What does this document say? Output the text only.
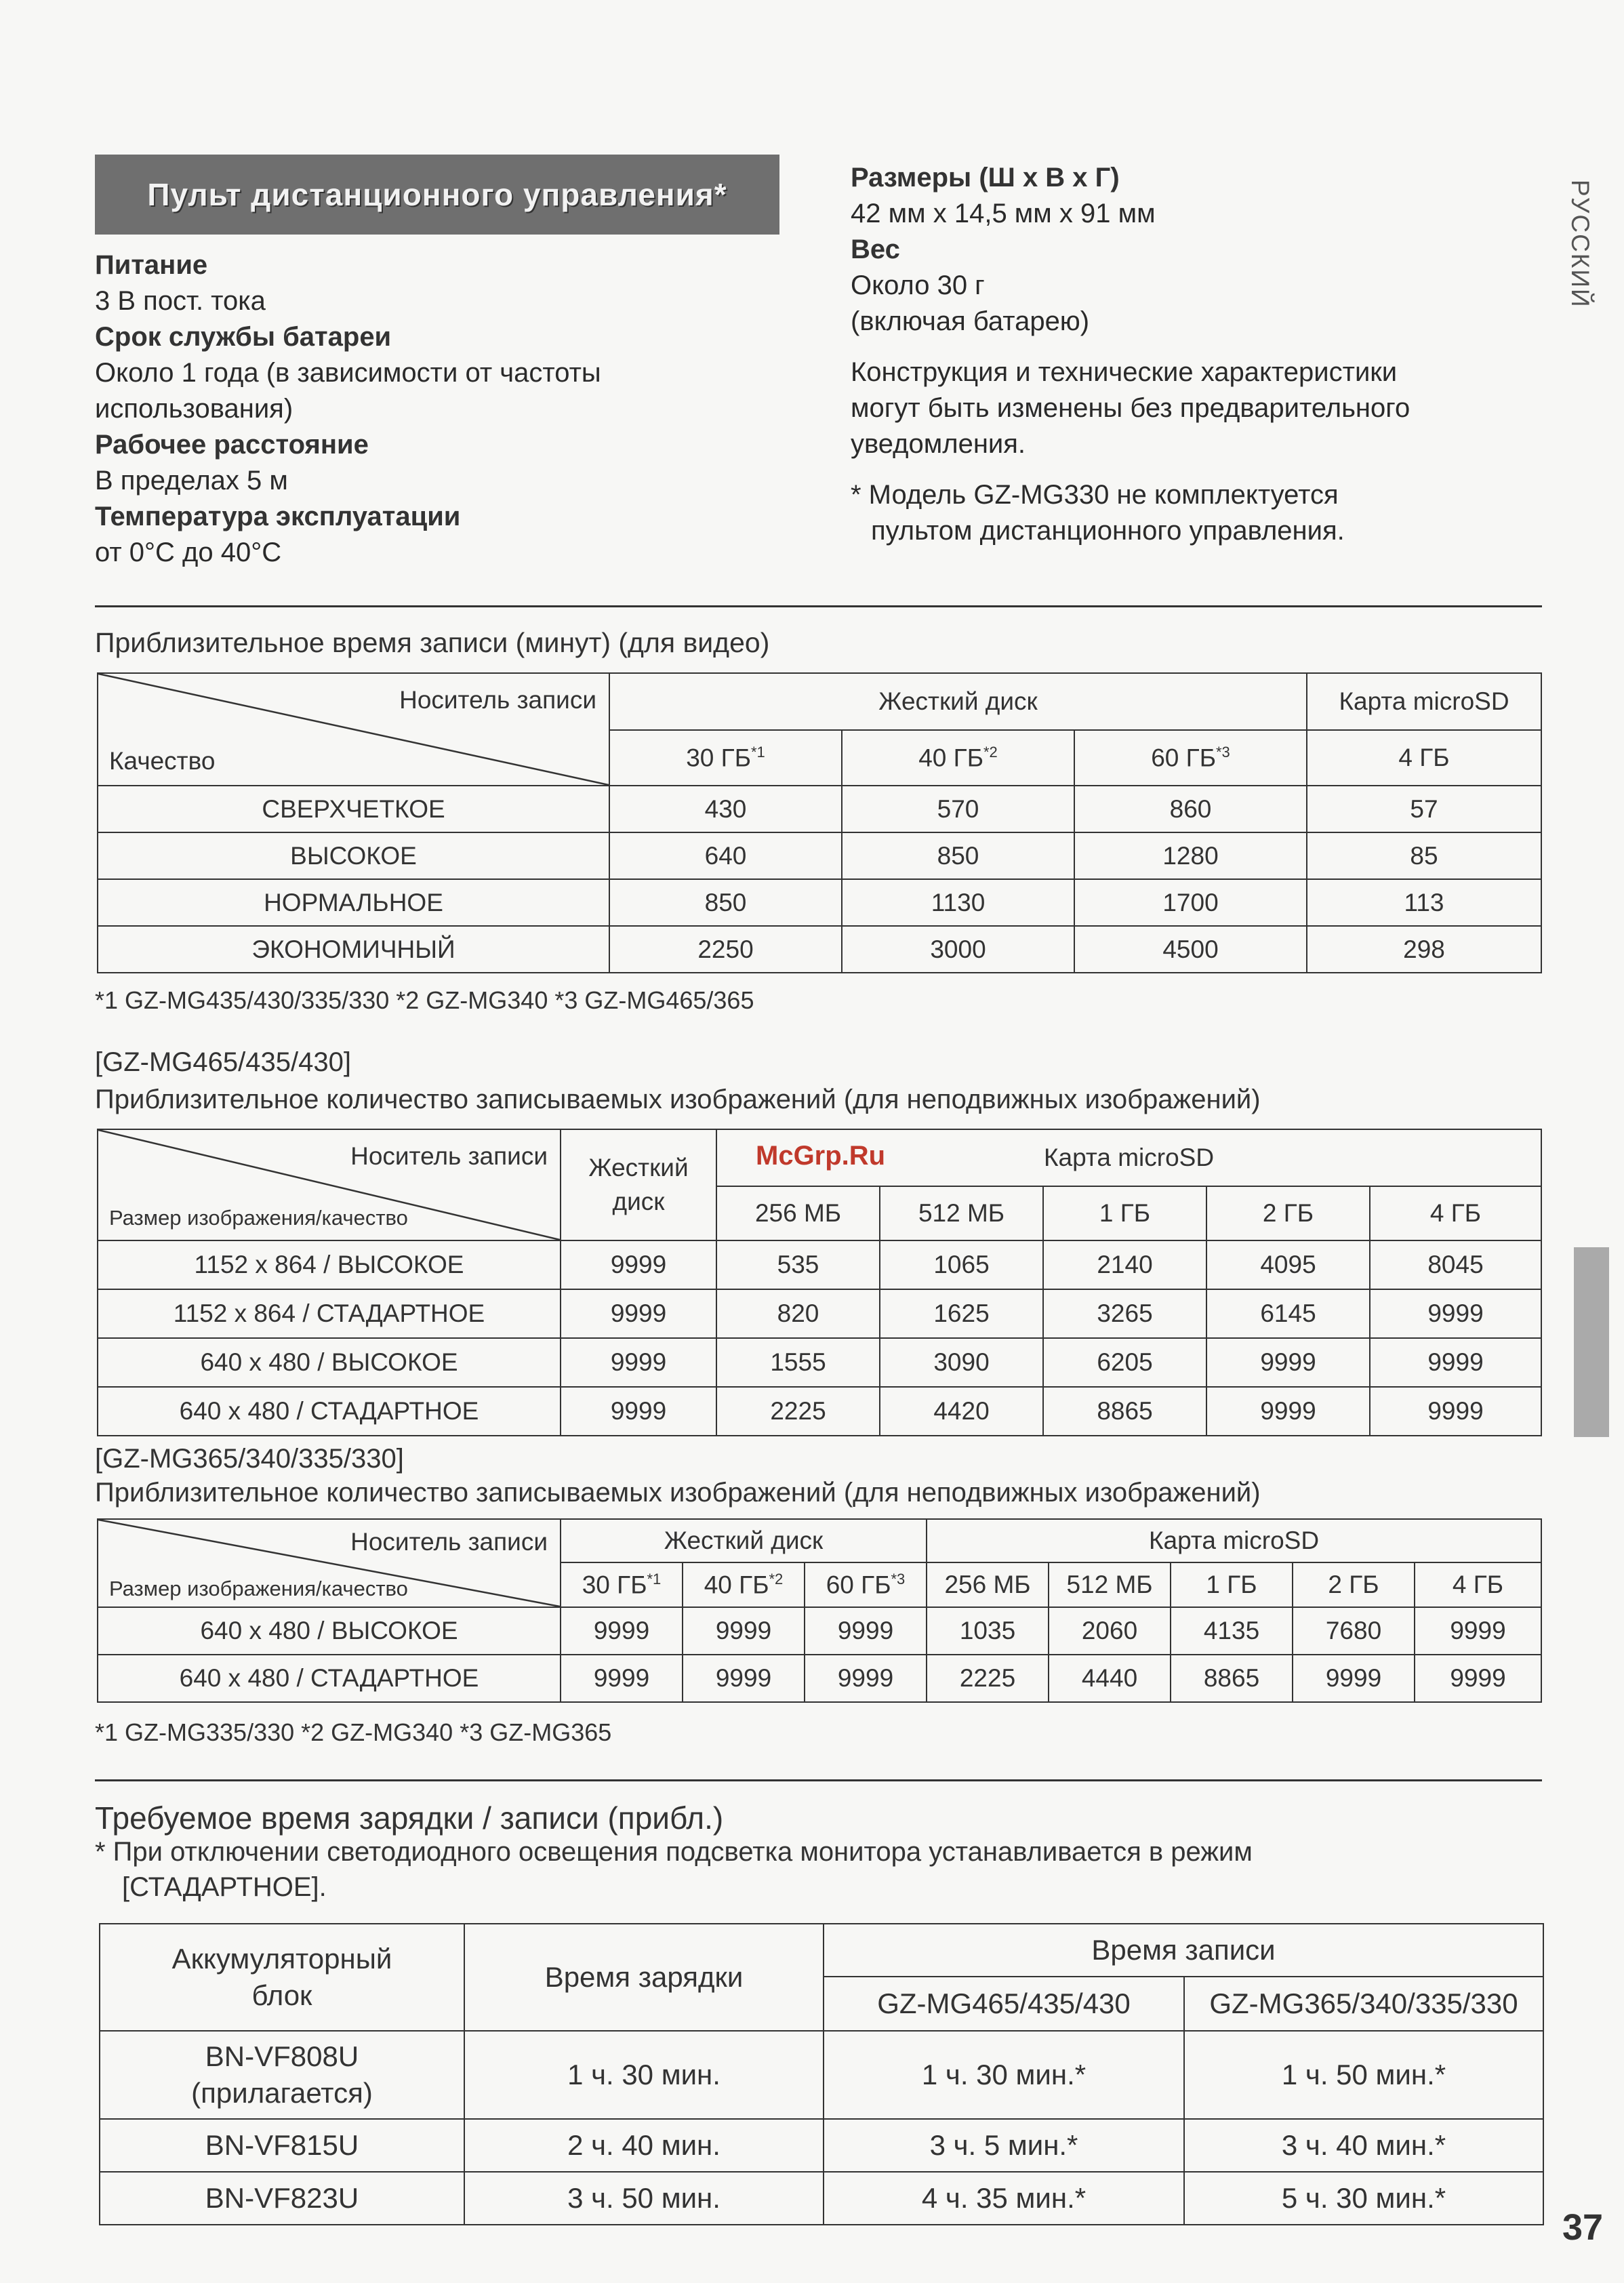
Пульт дистанционного управления*

Питание

3 В пост. тока

Срок службы батареи

Около 1 года (в зависимости от частоты

использования)

Рабочее расстояние

В пределах 5 м

Температура эксплуатации

от 0°C до 40°C

Размеры (Ш x В x Г)

42 мм x 14,5 мм x 91 мм

Вес

Около 30 г

(включая батарею)

Конструкция и технические характеристики

могут быть изменены без предварительного

уведомления.

* Модель GZ-MG330 не комплектуется

пультом дистанционного управления.

Приблизительное время записи (минут) (для видео)
Носитель записи
Качество	Жесткий диск			Карта microSD
	30 ГБ$^{*1}$	40 ГБ$^{*2}$	60 ГБ$^{*3}$	4 ГБ
СВЕРХЧЕТКОЕ	430	570	860	57
ВЫСОКОЕ	640	850	1280	85
НОРМАЛЬНОЕ	850	1130	1700	113
ЭКОНОМИЧНЫЙ	2250	3000	4500	298
*1 GZ-MG435/430/335/330 *2 GZ-MG340 *3 GZ-MG465/365
[GZ-MG465/435/430]
Приблизительное количество записываемых изображений (для неподвижных изображений)
Носитель записи
Размер изображения/качество	Жесткий диск	Карта microSD				
		256 МБ	512 МБ	1 ГБ	2 ГБ	4 ГБ
1152 x 864 / ВЫСОКОЕ	9999	535	1065	2140	4095	8045
1152 x 864 / СТАДАРТНОЕ	9999	820	1625	3265	6145	9999
640 x 480 / ВЫСОКОЕ	9999	1555	3090	6205	9999	9999
640 x 480 / СТАДАРТНОЕ	9999	2225	4420	8865	9999	9999
McGrp.Ru
[GZ-MG365/340/335/330]
Приблизительное количество записываемых изображений (для неподвижных изображений)
Носитель записи
Размер изображения/качество	Жесткий диск			Карта microSD				
	30 ГБ$^{*1}$	40 ГБ$^{*2}$	60 ГБ$^{*3}$	256 МБ	512 МБ	1 ГБ	2 ГБ	4 ГБ
640 x 480 / ВЫСОКОЕ	9999	9999	9999	1035	2060	4135	7680	9999
640 x 480 / СТАДАРТНОЕ	9999	9999	9999	2225	4440	8865	9999	9999
*1 GZ-MG335/330 *2 GZ-MG340 *3 GZ-MG365
Требуемое время зарядки / записи (прибл.)
* При отключении светодиодного освещения подсветка монитора устанавливается в режим
[СТАДАРТНОЕ].
Аккумуляторный
блок	Время зарядки	Время записи	
		GZ-MG465/435/430	GZ-MG365/340/335/330
BN-VF808U
(прилагается)	1 ч. 30 мин.	1 ч. 30 мин.*	1 ч. 50 мин.*
BN-VF815U	2 ч. 40 мин.	3 ч. 5 мин.*	3 ч. 40 мин.*
BN-VF823U	3 ч. 50 мин.	4 ч. 35 мин.*	5 ч. 30 мин.*
РУССКИЙ
37
